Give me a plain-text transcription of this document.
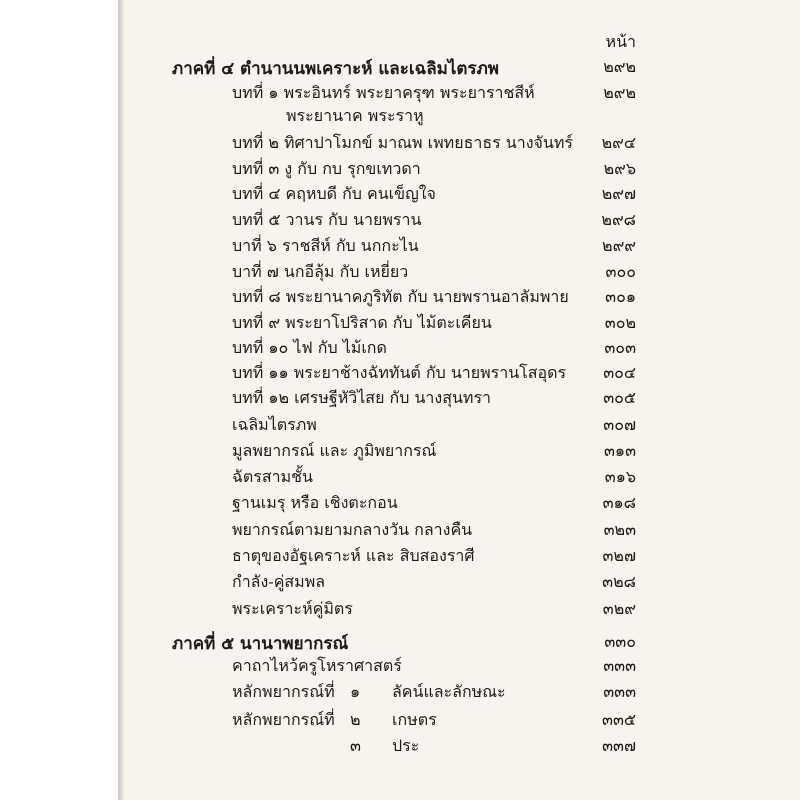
หน้า
ภาคที่ ๔ ตำนานนพเคราะห์ และเฉลิมไตรภพ	๒๙๒
บทที่ ๑ พระอินทร์ พระยาครุฑ พระยาราชสีห์	๒๙๒
พระยานาค พระราหู
บทที่ ๒ ทิศาปาโมกข์ มาณพ เพทยธาธร นางจันทร์	๒๙๔
บทที่ ๓ งู กับ กบ รุกขเทวดา	๒๙๖
บทที่ ๔ คฤหบดี กับ คนเข็ญใจ	๒๙๗
บทที่ ๕ วานร กับ นายพราน	๒๙๘
บาที่ ๖ ราชสีห์ กับ นกกะไน	๒๙๙
บาที่ ๗ นกอีลุ้ม กับ เหยี่ยว	๓๐๐
บทที่ ๘ พระยานาคภูริทัต กับ นายพรานอาลัมพาย	๓๐๑
บทที่ ๙ พระยาโปริสาด กับ ไม้ตะเคียน	๓๐๒
บทที่ ๑๐ ไฟ กับ ไม้เกด	๓๐๓
บทที่ ๑๑ พระยาช้างฉัททันต์ กับ นายพรานโสอุดร	๓๐๔
บทที่ ๑๒ เศรษฐีหัวิไสย กับ นางสุนทรา	๓๐๕
เฉลิมไตรภพ	๓๐๗
มูลพยากรณ์ และ ภูมิพยากรณ์	๓๑๓
ฉัตรสามชั้น	๓๑๖
ฐานเมรุ หรือ เชิงตะกอน	๓๑๘
พยากรณ์ตามยามกลางวัน กลางคืน	๓๒๓
ธาตุของอัฐเคราะห์ และ สิบสองราศี	๓๒๗
กำลัง-คู่สมพล	๓๒๘
พระเคราะห์คู่มิตร	๓๒๙
ภาคที่ ๕ นานาพยากรณ์	๓๓๐
คาถาไหว้ครูโหราศาสตร์	๓๓๓
หลักพยากรณ์ที่ ๑ ลัคน์และลักษณะ	๓๓๓
หลักพยากรณ์ที่ ๒ เกษตร	๓๓๕
๓ ประ	๓๓๗
